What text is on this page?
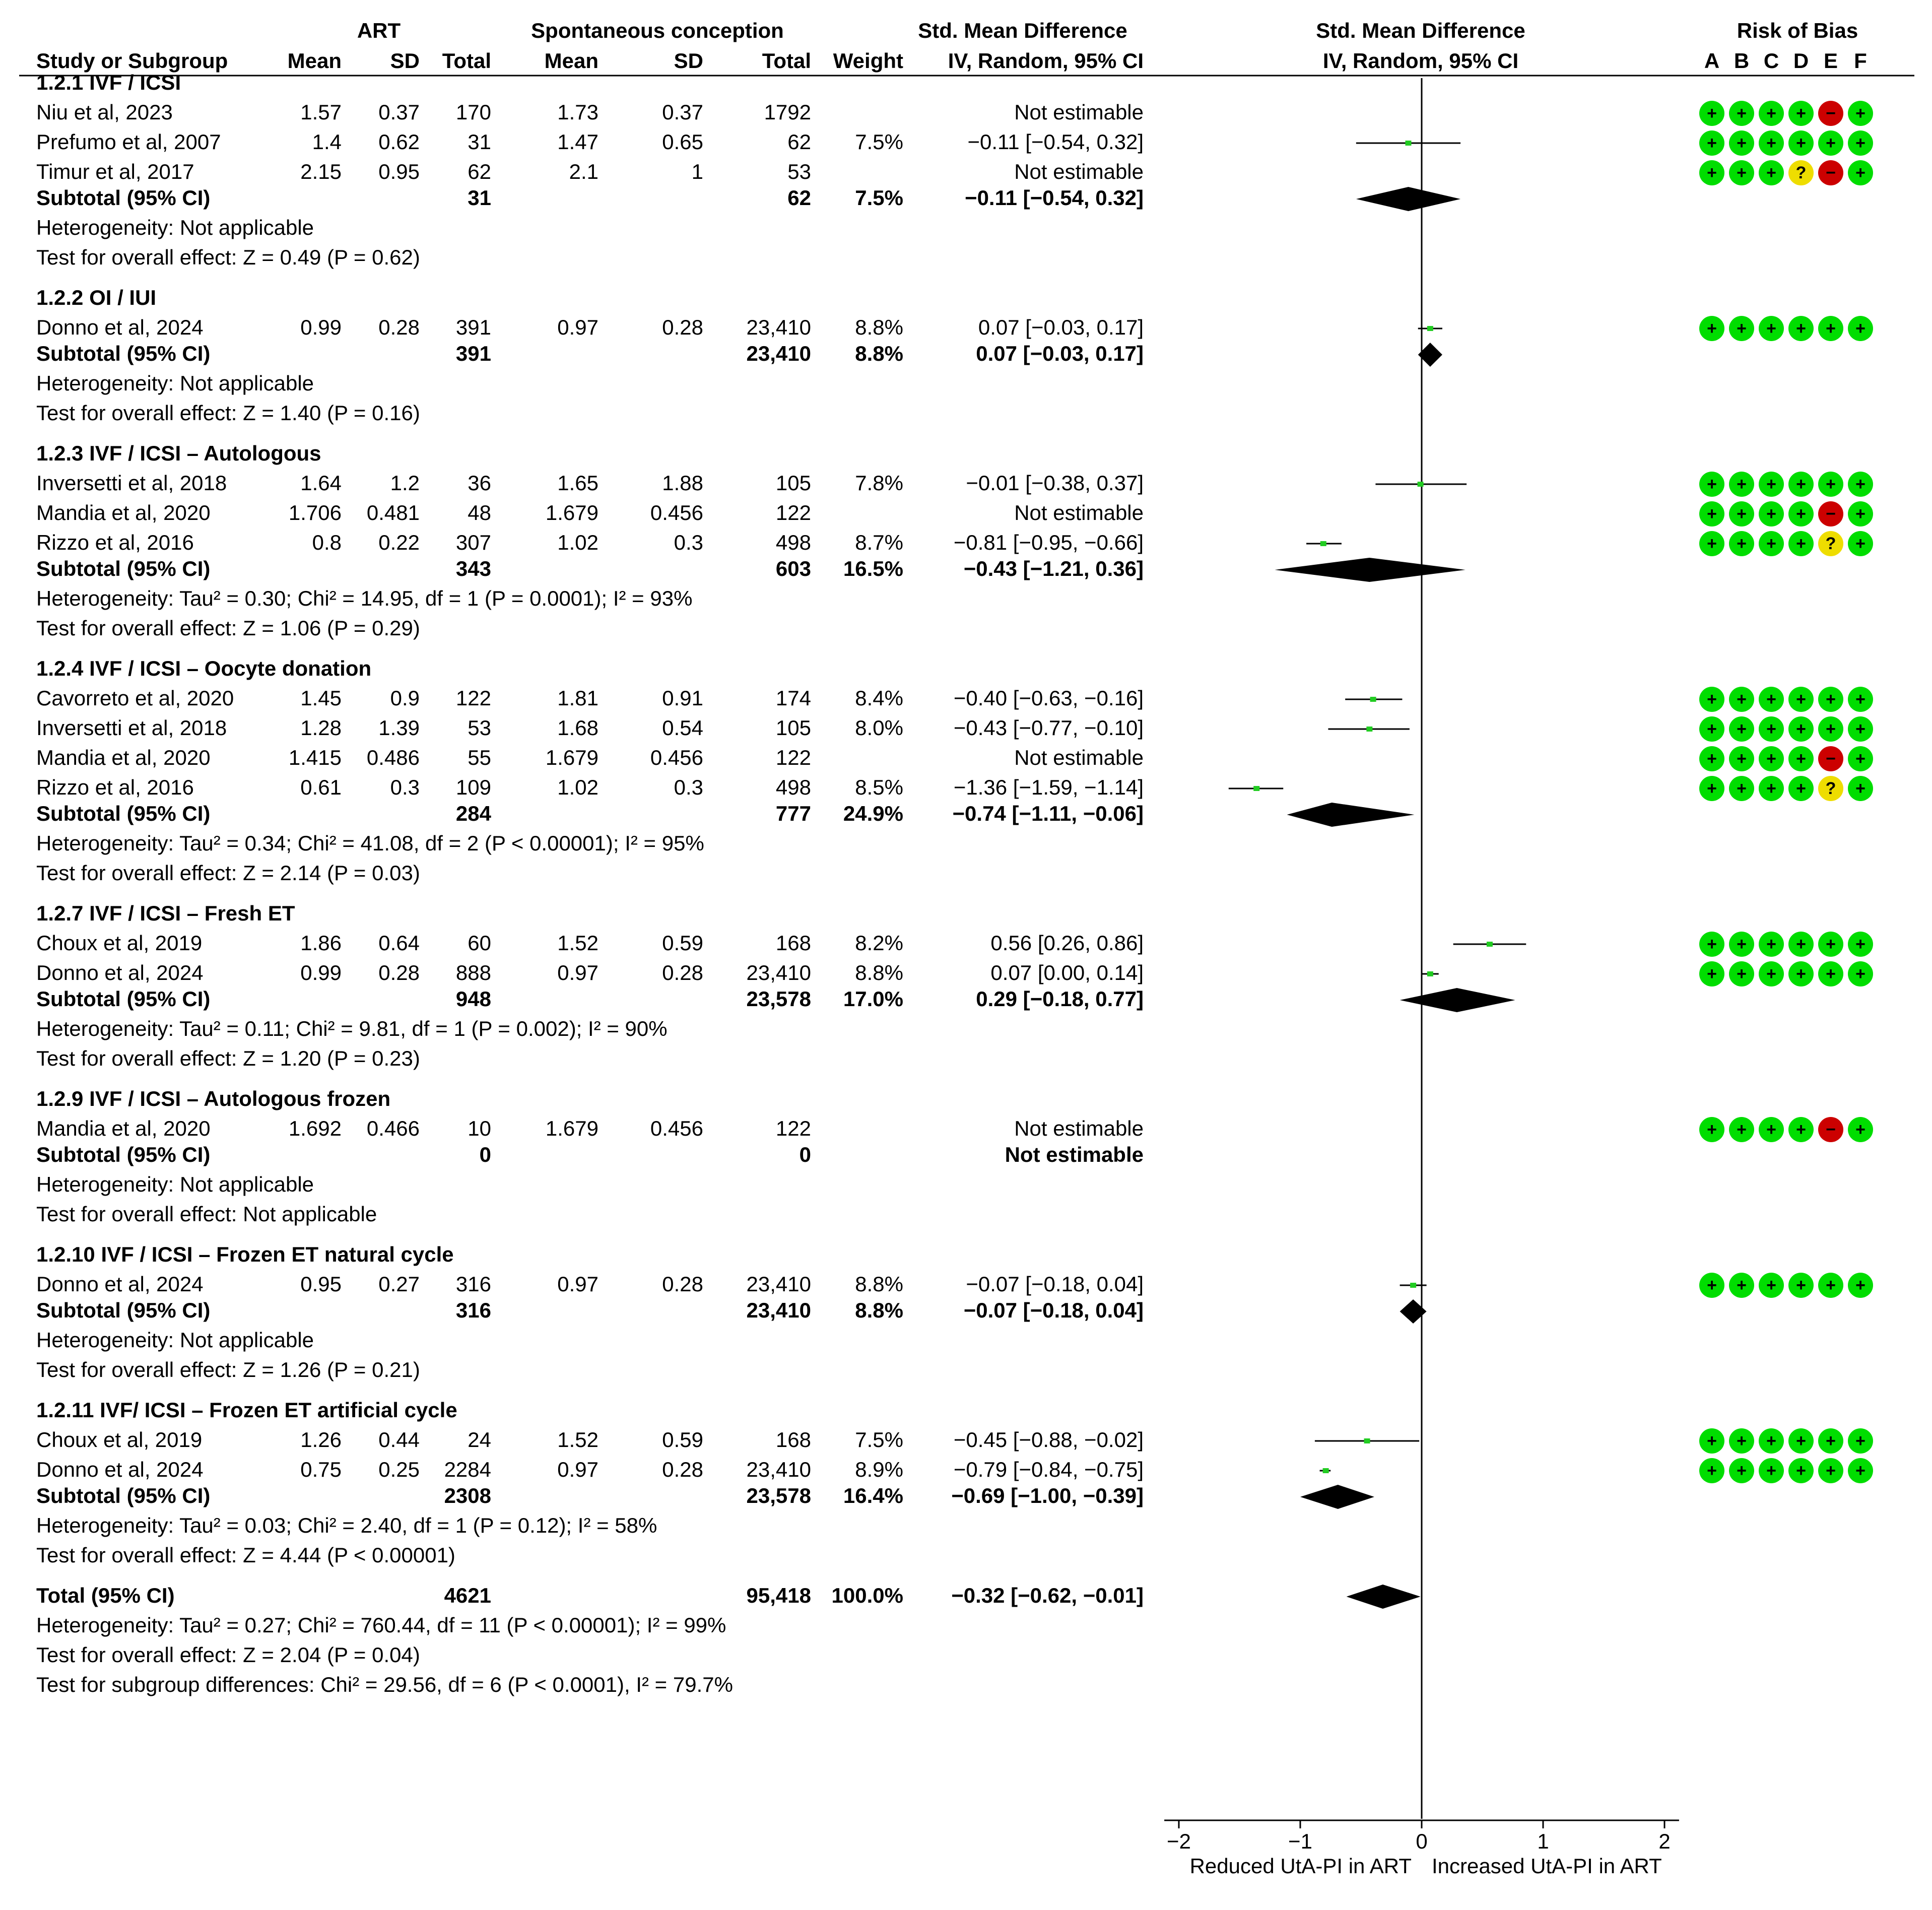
ART	Spontaneous conception	Std. Mean Difference	Std. Mean Difference	Risk of Bias
Study or Subgroup	Mean SD Total	Mean	SD	Total Weight IV, Random, 95% CI	IV, Random, 95% CI	A B C D E F
1.2.1 IVF / ICSI
Niu et al, 2023	1.57 0.37 170	1.73	0.37	1792	Not estimable	+ + + + − +
Prefumo et al, 2007	1.4 0.62 31	1.47	0.65	62 7.5%	−0.11 [−0.54, 0.32]	+ + + + + +
Timur et al, 2017	2.15 0.95 62	2.1	1	53	Not estimable	+ + + ? − +
Subtotal (95% CI)	31	62 7.5%	−0.11 [−0.54, 0.32]
Heterogeneity: Not applicable
Test for overall effect: Z = 0.49 (P = 0.62)
1.2.2 OI / IUI
Donno et al, 2024	0.99 0.28 391	0.97	0.28 23,410 8.8%	0.07 [−0.03, 0.17]	+ + + + + +
Subtotal (95% CI)	391	23,410 8.8%	0.07 [−0.03, 0.17]
Heterogeneity: Not applicable
Test for overall effect: Z = 1.40 (P = 0.16)
1.2.3 IVF / ICSI – Autologous
Inversetti et al, 2018	1.64 1.2 36	1.65	1.88	105 7.8%	−0.01 [−0.38, 0.37]	+ + + + + +
Mandia et al, 2020	1.706 0.481 48	1.679 0.456	122	Not estimable	+ + + + − +
Rizzo et al, 2016	0.8 0.22 307	1.02	0.3	498 8.7% −0.81 [−0.95, −0.66]	+ + + + ? +
Subtotal (95% CI)	343	603 16.5%	−0.43 [−1.21, 0.36]
Heterogeneity: Tau² = 0.30; Chi² = 14.95, df = 1 (P = 0.0001); I² = 93%
Test for overall effect: Z = 1.06 (P = 0.29)
1.2.4 IVF / ICSI – Oocyte donation
Cavorreto et al, 2020	1.45 0.9 122	1.81	0.91	174 8.4% −0.40 [−0.63, −0.16]	+ + + + + +
Inversetti et al, 2018	1.28 1.39 53	1.68	0.54	105 8.0% −0.43 [−0.77, −0.10]	+ + + + + +
Mandia et al, 2020	1.415 0.486 55	1.679 0.456	122	Not estimable	+ + + + − +
Rizzo et al, 2016	0.61 0.3 109	1.02	0.3	498 8.5% −1.36 [−1.59, −1.14]	+ + + + ? +
Subtotal (95% CI)	284	777 24.9% −0.74 [−1.11, −0.06]
Heterogeneity: Tau² = 0.34; Chi² = 41.08, df = 2 (P < 0.00001); I² = 95%
Test for overall effect: Z = 2.14 (P = 0.03)
1.2.7 IVF / ICSI – Fresh ET
Choux et al, 2019	1.86 0.64 60	1.52	0.59	168 8.2%	0.56 [0.26, 0.86]	+ + + + + +
Donno et al, 2024	0.99 0.28 888	0.97	0.28 23,410 8.8%	0.07 [0.00, 0.14]	+ + + + + +
Subtotal (95% CI)	948	23,578 17.0%	0.29 [−0.18, 0.77]
Heterogeneity: Tau² = 0.11; Chi² = 9.81, df = 1 (P = 0.002); I² = 90%
Test for overall effect: Z = 1.20 (P = 0.23)
1.2.9 IVF / ICSI – Autologous frozen
Mandia et al, 2020	1.692 0.466 10	1.679 0.456	122	Not estimable	+ + + + − +
Subtotal (95% CI)	0	0	Not estimable
Heterogeneity: Not applicable
Test for overall effect: Not applicable
1.2.10 IVF / ICSI – Frozen ET natural cycle
Donno et al, 2024	0.95 0.27 316	0.97	0.28 23,410 8.8%	−0.07 [−0.18, 0.04]	+ + + + + +
Subtotal (95% CI)	316	23,410 8.8%	−0.07 [−0.18, 0.04]
Heterogeneity: Not applicable
Test for overall effect: Z = 1.26 (P = 0.21)
1.2.11 IVF/ ICSI – Frozen ET artificial cycle
Choux et al, 2019	1.26 0.44 24	1.52	0.59	168 7.5% −0.45 [−0.88, −0.02]	+ + + + + +
Donno et al, 2024	0.75 0.25 2284	0.97	0.28 23,410 8.9% −0.79 [−0.84, −0.75]	+ + + + + +
Subtotal (95% CI)	2308	23,578 16.4% −0.69 [−1.00, −0.39]
Heterogeneity: Tau² = 0.03; Chi² = 2.40, df = 1 (P = 0.12); I² = 58%
Test for overall effect: Z = 4.44 (P < 0.00001)
Total (95% CI)	4621	95,418 100.0% −0.32 [−0.62, −0.01]
Heterogeneity: Tau² = 0.27; Chi² = 760.44, df = 11 (P < 0.00001); I² = 99%
Test for overall effect: Z = 2.04 (P = 0.04)
Test for subgroup differences: Chi² = 29.56, df = 6 (P < 0.0001), I² = 79.7%
−2	−1	0	1	2
Reduced UtA-PI in ART Increased UtA-PI in ART
